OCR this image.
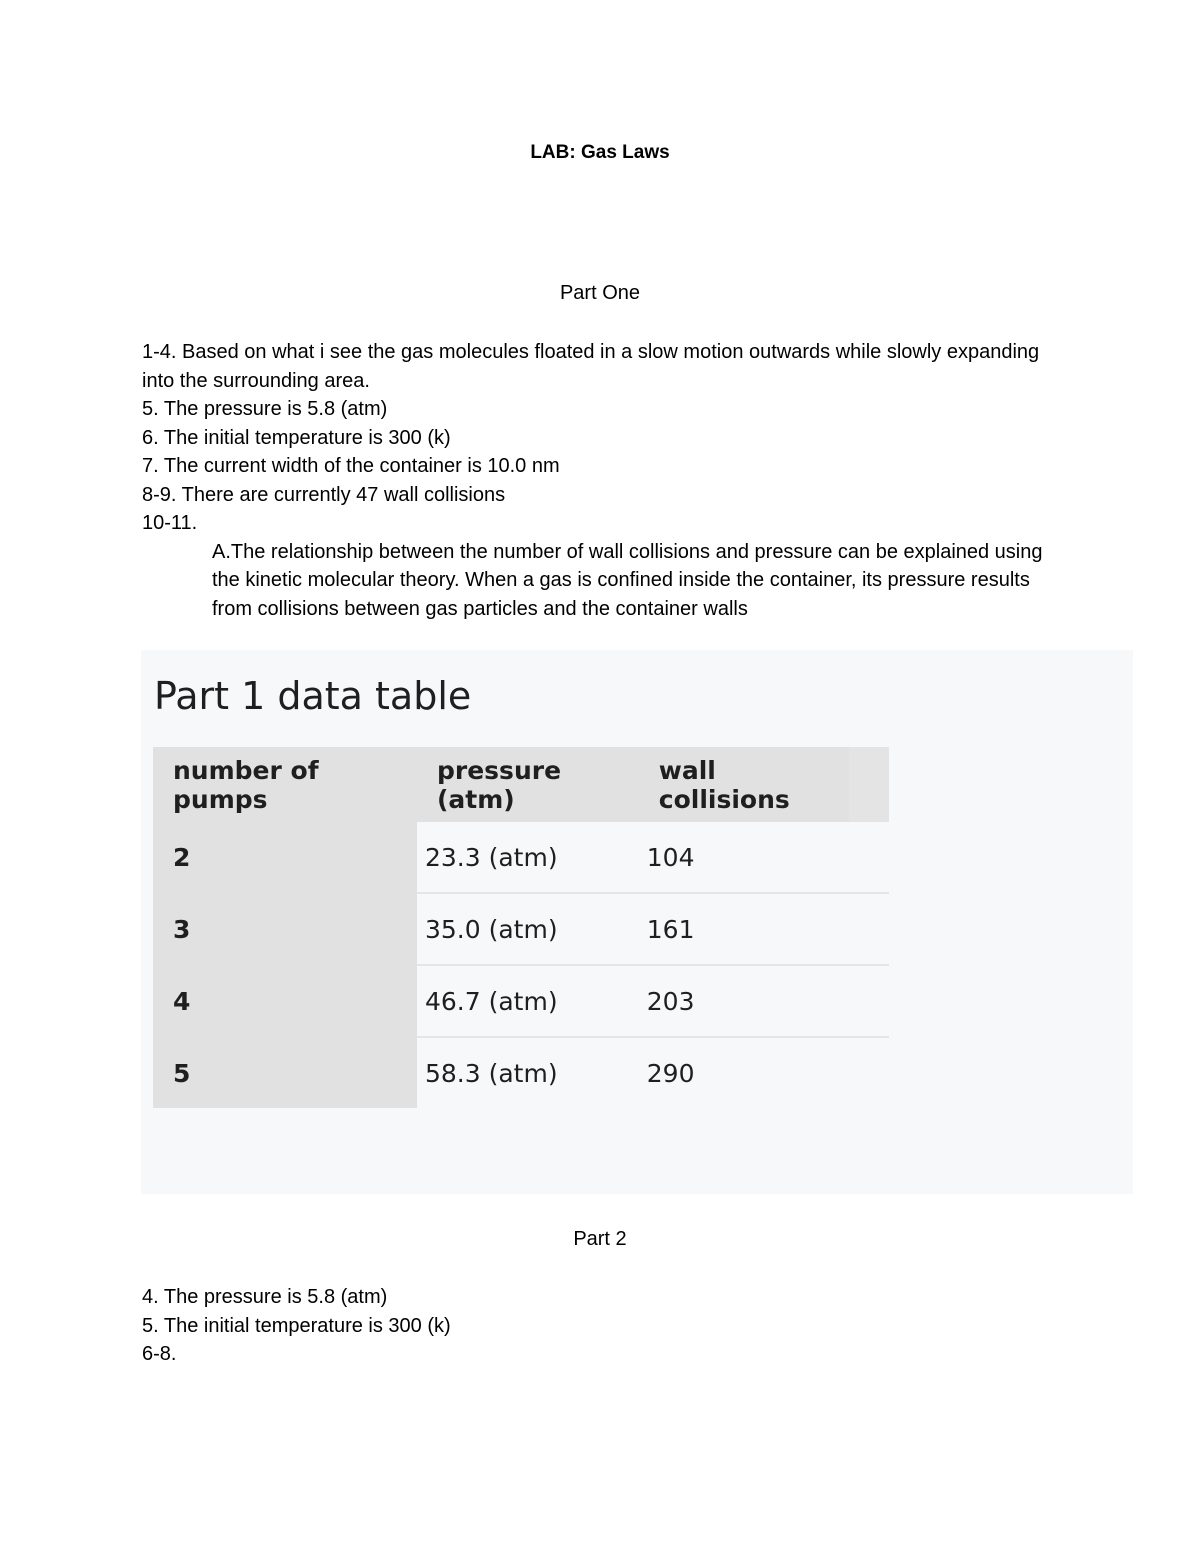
LAB: Gas Laws
Part One

1-4. Based on what i see the gas molecules floated in a slow motion outwards while slowly expanding into the surrounding area.

5. The pressure is 5.8 (atm)

6. The initial temperature is 300 (k)

7. The current width of the container is 10.0 nm

8-9. There are currently 47 wall collisions

10-11.

A.The relationship between the number of wall collisions and pressure can be explained using the kinetic molecular theory. When a gas is confined inside the container, its pressure results from collisions between gas particles and the container walls

Part 1 data table
number of pumps	pressure (atm)	wall collisions	
2	23.3 (atm)	104	
3	35.0 (atm)	161	
4	46.7 (atm)	203	
5	58.3 (atm)	290	
Part 2

4. The pressure is 5.8 (atm)

5. The initial temperature is 300 (k)

6-8.
